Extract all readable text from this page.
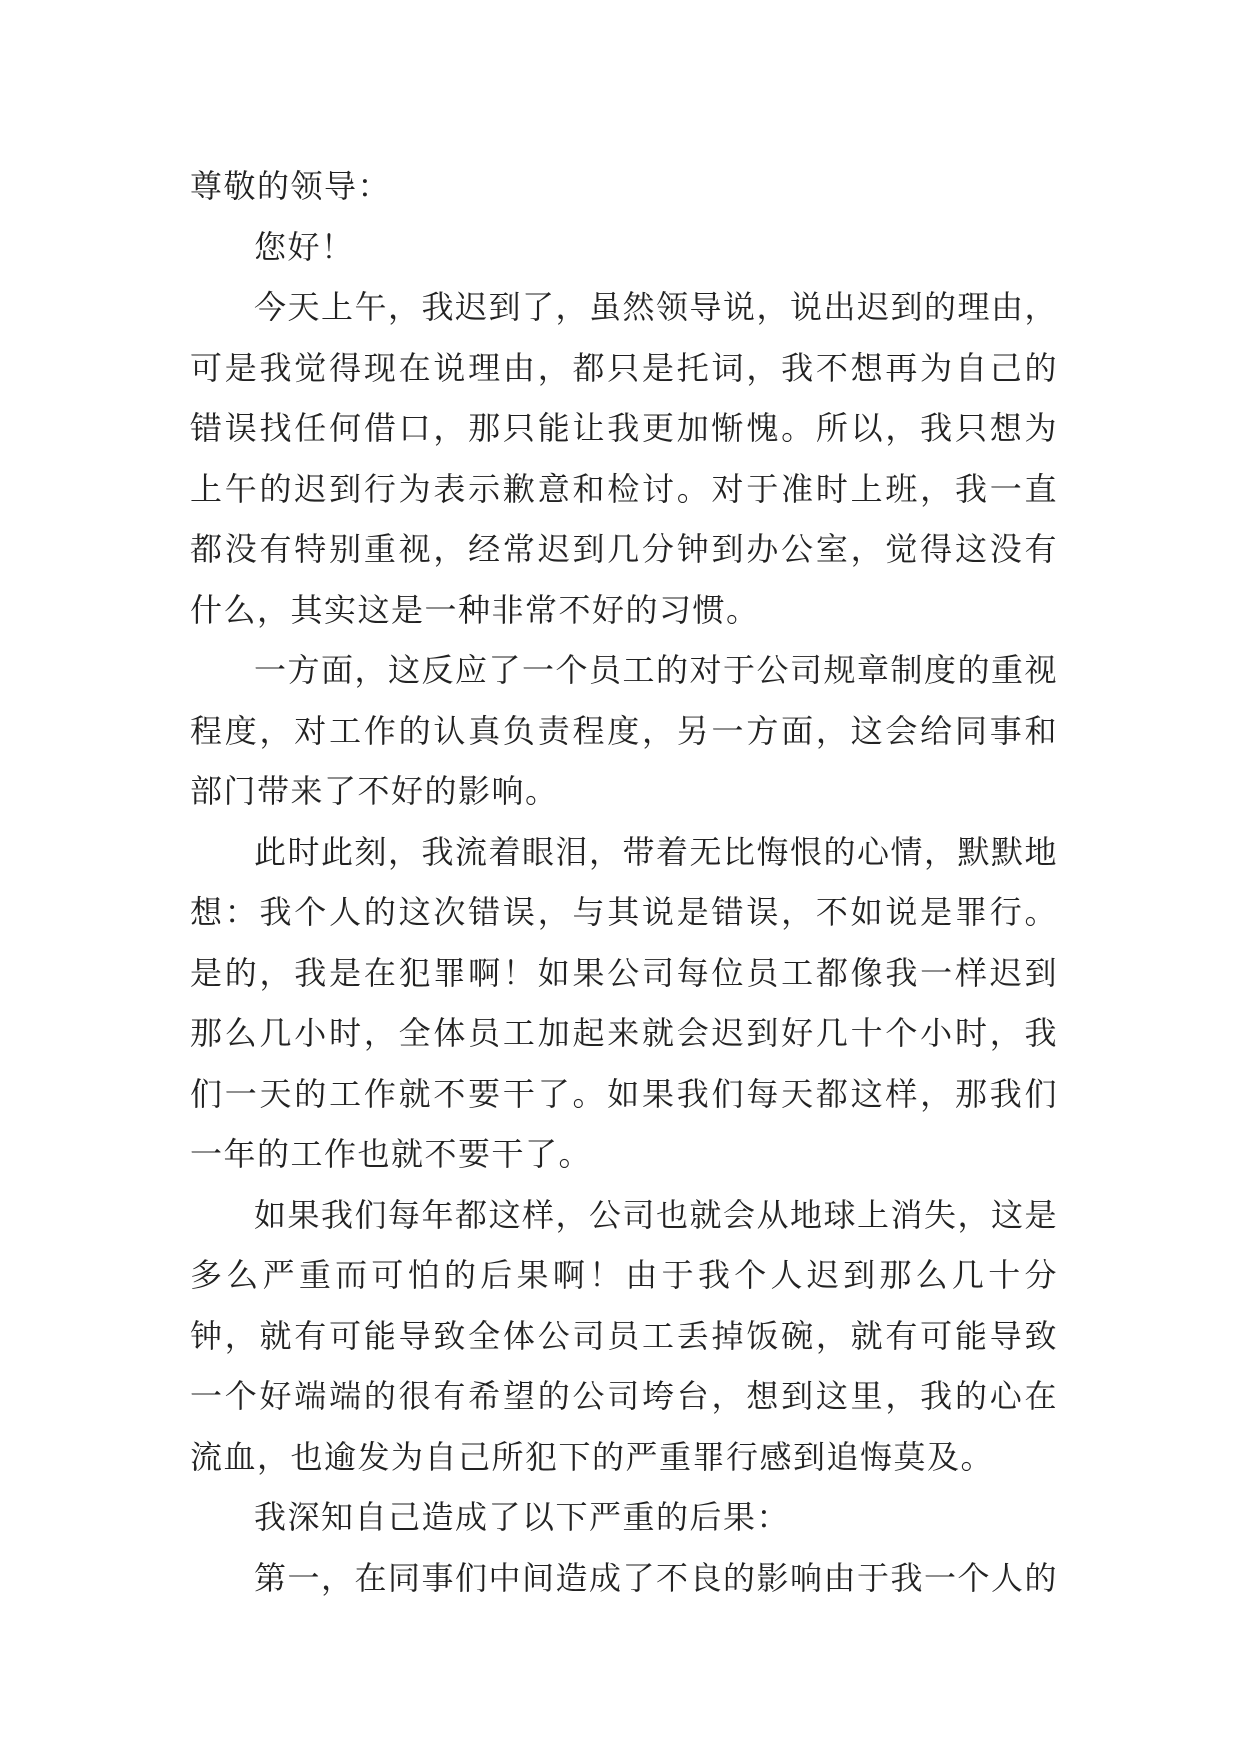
尊敬的领导：

您好！

今天上午，我迟到了，虽然领导说，说出迟到的理由，可是我觉得现在说理由，都只是托词，我不想再为自己的错误找任何借口，那只能让我更加惭愧。所以，我只想为上午的迟到行为表示歉意和检讨。对于准时上班，我一直都没有特别重视，经常迟到几分钟到办公室，觉得这没有什么，其实这是一种非常不好的习惯。

一方面，这反应了一个员工的对于公司规章制度的重视程度，对工作的认真负责程度，另一方面，这会给同事和部门带来了不好的影响。

此时此刻，我流着眼泪，带着无比悔恨的心情，默默地想：我个人的这次错误，与其说是错误，不如说是罪行。是的，我是在犯罪啊！如果公司每位员工都像我一样迟到那么几小时，全体员工加起来就会迟到好几十个小时，我们一天的工作就不要干了。如果我们每天都这样，那我们一年的工作也就不要干了。

如果我们每年都这样，公司也就会从地球上消失，这是多么严重而可怕的后果啊！由于我个人迟到那么几十分钟，就有可能导致全体公司员工丢掉饭碗，就有可能导致一个好端端的很有希望的公司垮台，想到这里，我的心在流血，也逾发为自己所犯下的严重罪行感到追悔莫及。

我深知自己造成了以下严重的后果：

第一，在同事们中间造成了不良的影响由于我一个人的
